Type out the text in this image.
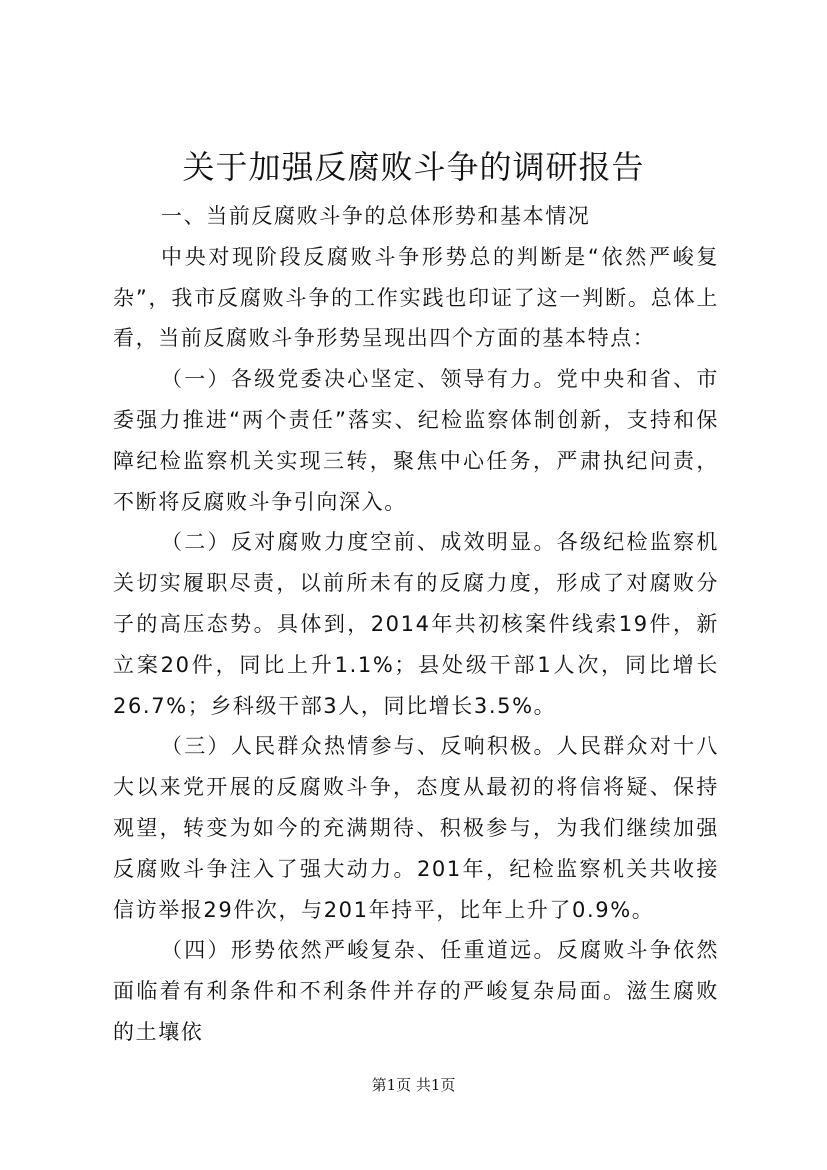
关于加强反腐败斗争的调研报告

一、当前反腐败斗争的总体形势和基本情况

中央对现阶段反腐败斗争形势总的判断是“依然严峻复杂”，我市反腐败斗争的工作实践也印证了这一判断。总体上看，当前反腐败斗争形势呈现出四个方面的基本特点：

（一）各级党委决心坚定、领导有力。党中央和省、市委强力推进“两个责任”落实、纪检监察体制创新，支持和保障纪检监察机关实现三转，聚焦中心任务，严肃执纪问责，不断将反腐败斗争引向深入。

（二）反对腐败力度空前、成效明显。各级纪检监察机关切实履职尽责，以前所未有的反腐力度，形成了对腐败分子的高压态势。具体到，2014年共初核案件线索19件，新立案20件，同比上升1.1%；县处级干部1人次，同比增长26.7%；乡科级干部3人，同比增长3.5%。

（三）人民群众热情参与、反响积极。人民群众对十八大以来党开展的反腐败斗争，态度从最初的将信将疑、保持观望，转变为如今的充满期待、积极参与，为我们继续加强反腐败斗争注入了强大动力。201年，纪检监察机关共收接信访举报29件次，与201年持平，比年上升了0.9%。

（四）形势依然严峻复杂、任重道远。反腐败斗争依然面临着有利条件和不利条件并存的严峻复杂局面。滋生腐败的土壤依

第1页 共1页
